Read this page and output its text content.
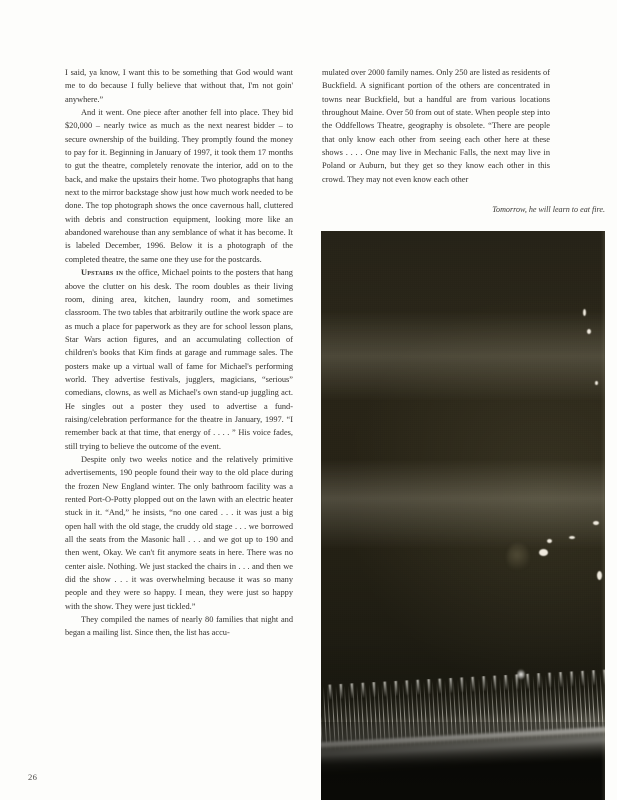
I said, ya know, I want this to be something that God would want me to do because I fully believe that without that, I'm not goin' anywhere.”

And it went. One piece after another fell into place. They bid $20,000 – nearly twice as much as the next nearest bidder – to secure ownership of the building. They promptly found the money to pay for it. Beginning in January of 1997, it took them 17 months to gut the theatre, completely renovate the interior, add on to the back, and make the upstairs their home. Two photographs that hang next to the mirror backstage show just how much work needed to be done. The top photograph shows the once cavernous hall, cluttered with debris and construction equipment, looking more like an abandoned warehouse than any semblance of what it has become. It is labeled December, 1996. Below it is a photograph of the completed theatre, the same one they use for the postcards.

Upstairs in the office, Michael points to the posters that hang above the clutter on his desk. The room doubles as their living room, dining area, kitchen, laundry room, and sometimes classroom. The two tables that arbitrarily outline the work space are as much a place for paperwork as they are for school lesson plans, Star Wars action figures, and an accumulating collection of children's books that Kim finds at garage and rummage sales. The posters make up a virtual wall of fame for Michael's performing world. They advertise festivals, jugglers, magicians, “serious” comedians, clowns, as well as Michael's own stand-up juggling act. He singles out a poster they used to advertise a fund-raising/celebration performance for the theatre in January, 1997. “I remember back at that time, that energy of . . . . ” His voice fades, still trying to believe the outcome of the event.

Despite only two weeks notice and the relatively primitive advertisements, 190 people found their way to the old place during the frozen New England winter. The only bathroom facility was a rented Port-O-Potty plopped out on the lawn with an electric heater stuck in it. “And,” he insists, “no one cared . . . it was just a big open hall with the old stage, the cruddy old stage . . . we borrowed all the seats from the Masonic hall . . . and we got up to 190 and then went, Okay. We can't fit anymore seats in here. There was no center aisle. Nothing. We just stacked the chairs in . . . and then we did the show . . . it was overwhelming because it was so many people and they were so happy. I mean, they were just so happy with the show. They were just tickled.”

They compiled the names of nearly 80 families that night and began a mailing list. Since then, the list has accu-

mulated over 2000 family names. Only 250 are listed as residents of Buckfield. A significant portion of the others are concentrated in towns near Buckfield, but a handful are from various locations throughout Maine. Over 50 from out of state. When people step into the Oddfellows Theatre, geography is obsolete. “There are people that only know each other from seeing each other here at these shows . . . . One may live in Mechanic Falls, the next may live in Poland or Auburn, but they get so they know each other in this crowd. They may not even know each other

Tomorrow, he will learn to eat fire.
26
